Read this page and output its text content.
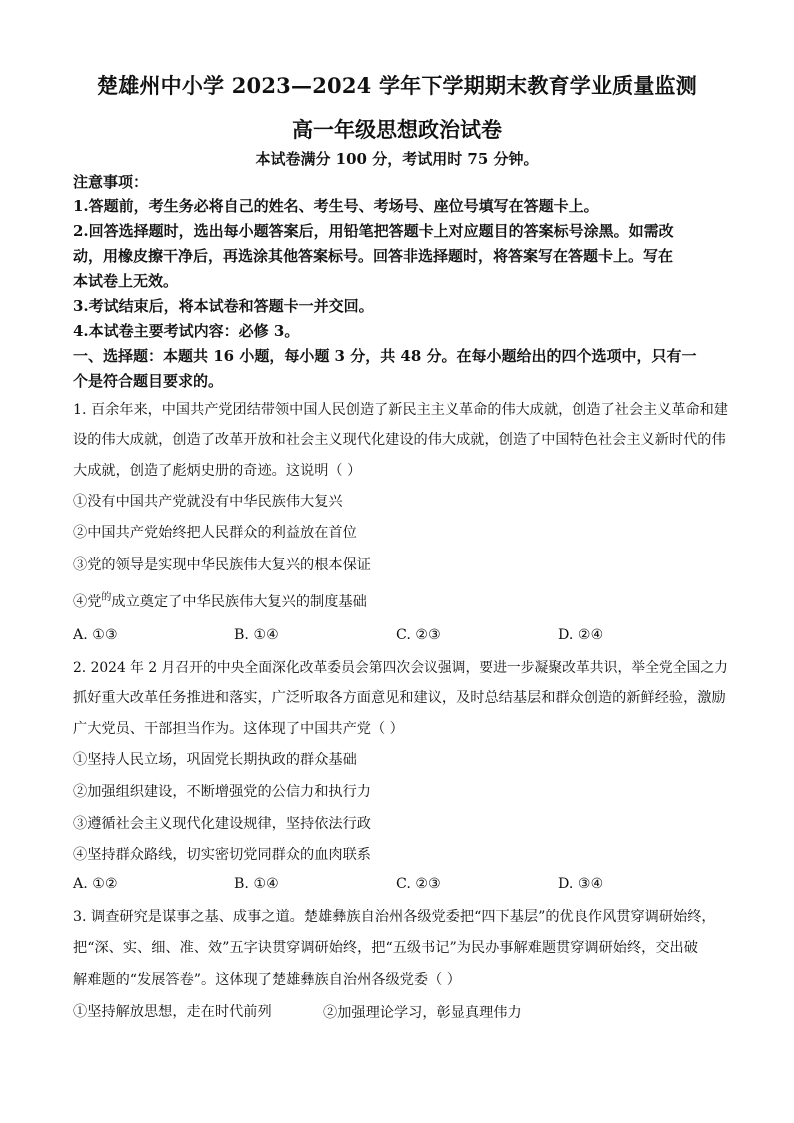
楚雄州中小学 2023—2024 学年下学期期末教育学业质量监测
高一年级思想政治试卷
本试卷满分 100 分，考试用时 75 分钟。
注意事项：
1.答题前，考生务必将自己的姓名、考生号、考场号、座位号填写在答题卡上。
2.回答选择题时，选出每小题答案后，用铅笔把答题卡上对应题目的答案标号涂黑。如需改
动，用橡皮擦干净后，再选涂其他答案标号。回答非选择题时，将答案写在答题卡上。写在
本试卷上无效。
3.考试结束后，将本试卷和答题卡一并交回。
4.本试卷主要考试内容：必修 3。
一、选择题：本题共 16 小题，每小题 3 分，共 48 分。在每小题给出的四个选项中，只有一
个是符合题目要求的。
1. 百余年来，中国共产党团结带领中国人民创造了新民主主义革命的伟大成就，创造了社会主义革命和建
设的伟大成就，创造了改革开放和社会主义现代化建设的伟大成就，创造了中国特色社会主义新时代的伟
大成就，创造了彪炳史册的奇迹。这说明（ ）
①没有中国共产党就没有中华民族伟大复兴
②中国共产党始终把人民群众的利益放在首位
③党的领导是实现中华民族伟大复兴的根本保证
④党$^的$成立奠定了中华民族伟大复兴的制度基础
A. ①③	B. ①④	C. ②③	D. ②④
2. 2024 年 2 月召开的中央全面深化改革委员会第四次会议强调，要进一步凝聚改革共识，举全党全国之力
抓好重大改革任务推进和落实，广泛听取各方面意见和建议，及时总结基层和群众创造的新鲜经验，激励
广大党员、干部担当作为。这体现了中国共产党（ ）
①坚持人民立场，巩固党长期执政的群众基础
②加强组织建设，不断增强党的公信力和执行力
③遵循社会主义现代化建设规律，坚持依法行政
④坚持群众路线，切实密切党同群众的血肉联系
A. ①②	B. ①④	C. ②③	D. ③④
3. 调查研究是谋事之基、成事之道。楚雄彝族自治州各级党委把“四下基层”的优良作风贯穿调研始终，
把“深、实、细、准、效”五字诀贯穿调研始终，把“五级书记”为民办事解难题贯穿调研始终，交出破
解难题的“发展答卷”。这体现了楚雄彝族自治州各级党委（ ）
①坚持解放思想，走在时代前列	②加强理论学习，彰显真理伟力
